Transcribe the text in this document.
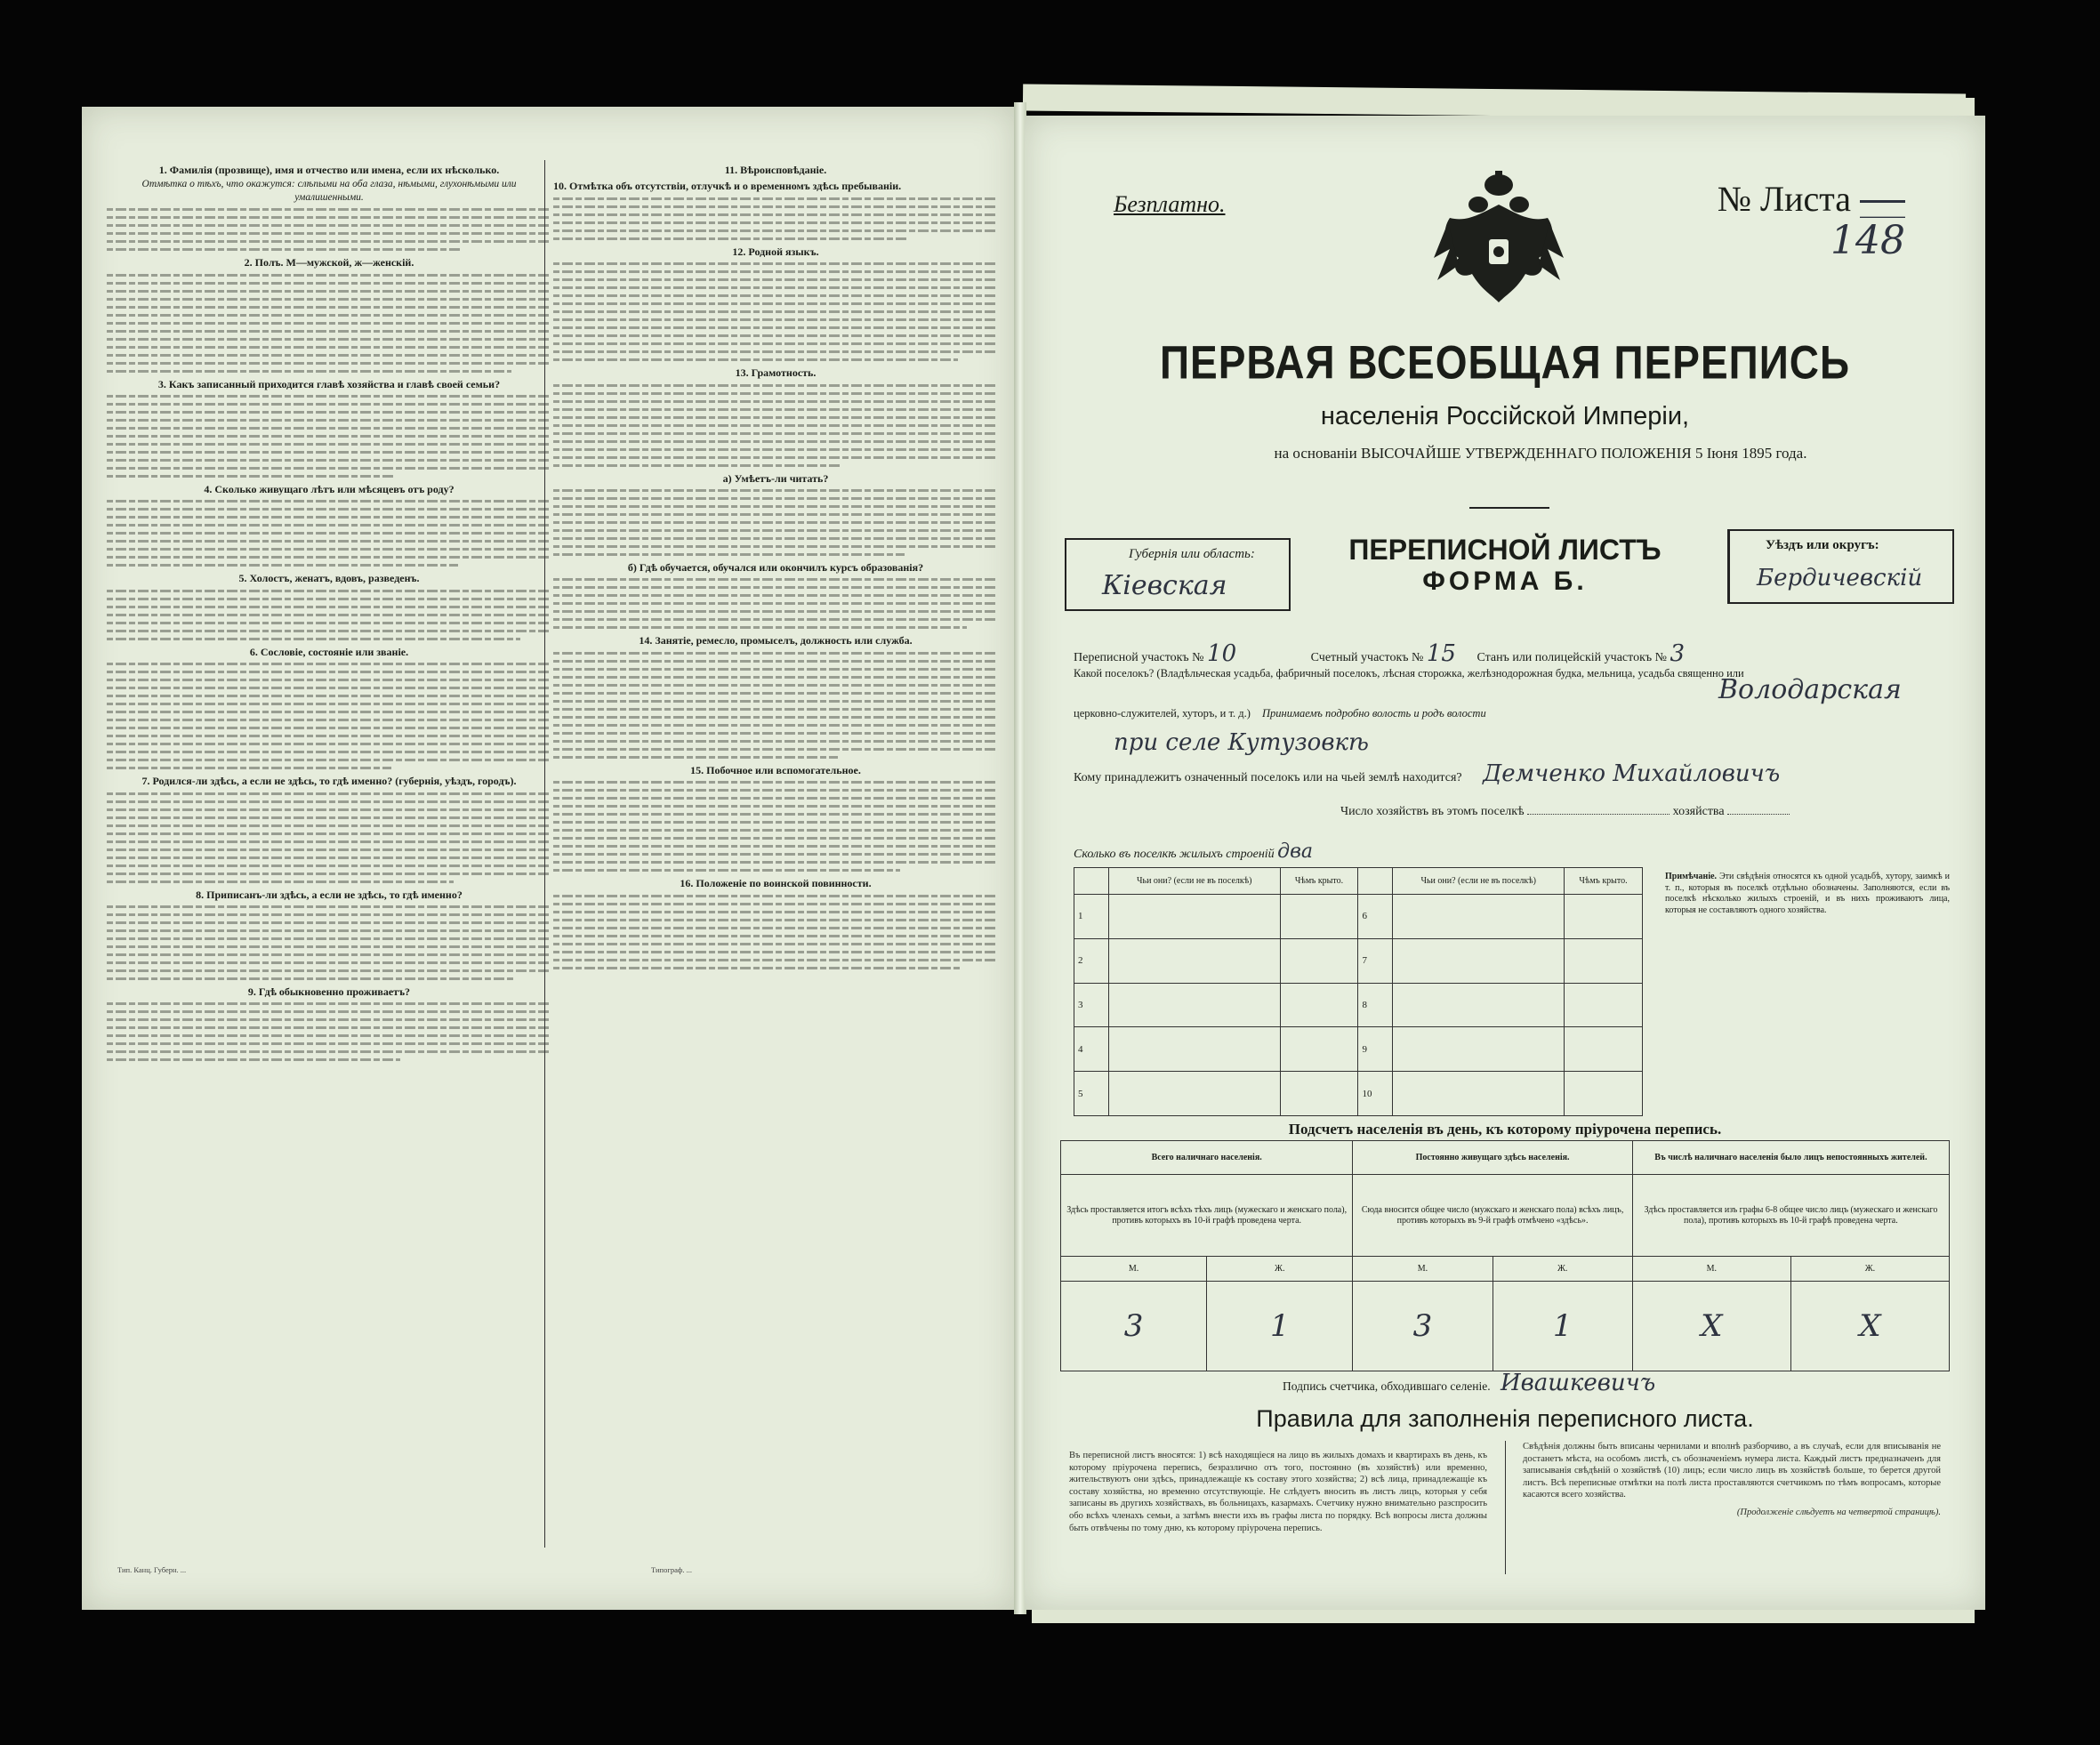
1. Фамилія (прозвище), имя и отчество или именa, если их нѣсколько.
Отмѣтка о тѣхъ, что окажутся: слѣпыми на оба глаза, нѣмыми, глухонѣмыми или умалишенными.
2. Полъ. М—мужской, ж—женскій.
3. Какъ записанный приходится главѣ хозяйства и главѣ своей семьи?
4. Сколько живущаго лѣтъ или мѣсяцевъ отъ роду?
5. Холостъ, женатъ, вдовъ, разведенъ.
6. Сословіе, состояніе или званіе.
7. Родился-ли здѣсь, а если не здѣсь, то гдѣ именно? (губернія, уѣздъ, городъ).
8. Приписанъ-ли здѣсь, а если не здѣсь, то гдѣ именно?
9. Гдѣ обыкновенно проживаетъ?
11. Вѣроисповѣданіе.
10. Отмѣтка объ отсутствіи, отлучкѣ и о временномъ здѣсь пребываніи.
12. Родной языкъ.
13. Грамотность.
а) Умѣетъ-ли читать?
б) Гдѣ обучается, обучался или окончилъ курсъ образованія?
14. Занятіе, ремесло, промыселъ, должность или служба.
15. Побочное или вспомогательное.
16. Положеніе по воинской повинности.
Тип. Канц. Губерн. ...	Типограф. ...
Безплатно.	№ Листа ___
148
ПЕРВАЯ ВСЕОБЩАЯ ПЕРЕПИСЬ
населенія Россійской Имперіи,
на основаніи ВЫСОЧАЙШЕ УТВЕРЖДЕННАГО ПОЛОЖЕНІЯ 5 Іюня 1895 года.
Губернія или область:
Кіевская
ПЕРЕПИСНОЙ ЛИСТЪ
ФОРМА Б.
Уѣздъ или округъ:
Бердичевскій
Переписной участокъ № 10	Счетный участокъ № 15 Станъ или полицейскій участокъ № 3
Какой поселокъ? (Владѣльческая усадьба, фабричный поселокъ, лѣсная сторожка, желѣзнодорожная будка, мельница, усадьба священно или
Володарская
церковно-служителей, хуторъ, и т. д.) Принимаемъ подробно волость и родъ волости
при селе Кутузовкѣ
Кому принадлежитъ означенный поселокъ или на чьей землѣ находится? Демченко Михайловичъ
Число хозяйствъ въ этомъ поселкѣ	хозяйства
Сколько въ поселкѣ жилыхъ строеній два
	Чьи они? (если не въ поселкѣ)	Чѣмъ крыто.		Чьи они? (если не въ поселкѣ)	Чѣмъ крыто.
1			6		
2			7		
3			8		
4			9		
5			10		
Примѣчаніе. Эти свѣдѣнія относятся къ одной усадьбѣ, хутору, заимкѣ и т. п., которыя въ поселкѣ отдѣльно обозначены. Заполняются, если въ поселкѣ нѣсколько жилыхъ строеній, и въ нихъ проживаютъ лица, которыя не составляютъ одного хозяйства.
Подсчетъ населенія въ день, къ которому пріурочена перепись.
Всего наличнаго населенія.		Постоянно живущаго здѣсь населенія.		Въ числѣ наличнаго населенія было лицъ непостоянныхъ жителей.	
Здѣсь проставляется итогъ всѣхъ тѣхъ лицъ (мужескаго и женскаго пола), противъ которыхъ въ 10-й графѣ проведена черта.		Сюда вносится общее число (мужскаго и женскаго пола) всѣхъ лицъ, противъ которыхъ въ 9-й графѣ отмѣчено «здѣсь».		Здѣсь проставляется изъ графы 6-8 общее число лицъ (мужескаго и женскаго пола), противъ которыхъ въ 10-й графѣ проведена черта.	
М.	Ж.	М.	Ж.	М.	Ж.
3	1	3	1	X	X
Подпись счетчика, обходившаго селеніе. Ивашкевичъ
Правила для заполненія переписного листа.
Въ переписной листъ вносятся: 1) всѣ находящіеся на лицо въ жилыхъ домахъ и квартирахъ въ день, къ которому пріурочена перепись, безразлично отъ того, постоянно (въ хозяйствѣ) или временно, жительствуютъ они здѣсь, принадлежащіе къ составу этого хозяйства; 2) всѣ лица, принадлежащіе къ составу хозяйства, но временно отсутствующіе. Не слѣдуетъ вносить въ листъ лицъ, которыя у себя записаны въ другихъ хозяйствахъ, въ больницахъ, казармахъ. Счетчику нужно внимательно разспросить обо всѣхъ членахъ семьи, а затѣмъ внести ихъ въ графы листа по порядку. Всѣ вопросы листа должны быть отвѣчены по тому дню, къ которому пріурочена перепись.
Свѣдѣнія должны быть вписаны чернилами и вполнѣ разборчиво, а въ случаѣ, если для вписыванія не достанетъ мѣста, на особомъ листѣ, съ обозначеніемъ нумера листа. Каждый листъ предназначенъ для записыванія свѣдѣній о хозяйствѣ (10) лицъ; если число лицъ въ хозяйствѣ больше, то берется другой листъ. Всѣ переписные отмѣтки на полѣ листа проставляются счетчикомъ по тѣмъ вопросамъ, которые касаются всего хозяйства.
(Продолженіе слѣдуетъ на четвертой страницѣ).
